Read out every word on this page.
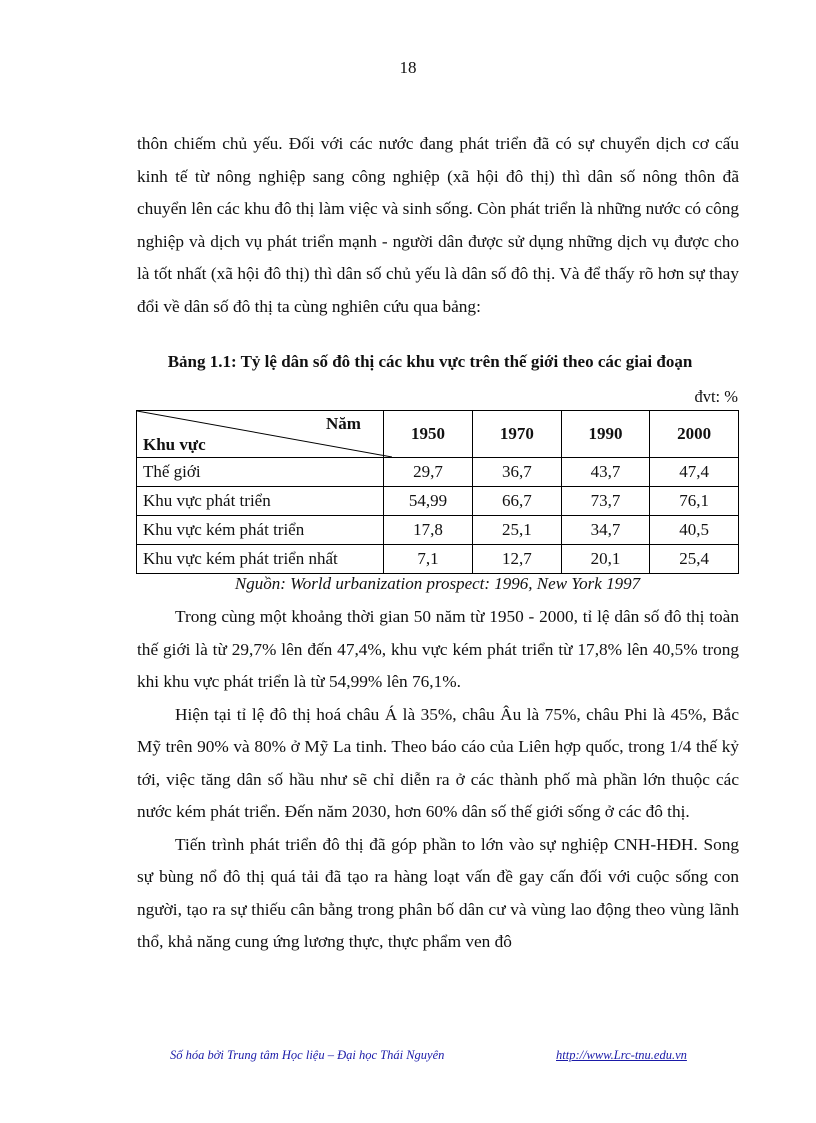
18

thôn chiếm chủ yếu. Đối với các nước đang phát triển đã có sự chuyển dịch cơ cấu kinh tế từ nông nghiệp sang công nghiệp (xã hội đô thị) thì dân số nông thôn đã chuyển lên các khu đô thị làm việc và sinh sống. Còn phát triển là những nước có công nghiệp và dịch vụ phát triển mạnh - người dân được sử dụng những dịch vụ được cho là tốt nhất (xã hội đô thị) thì dân số chủ yếu là dân số đô thị. Và để thấy rõ hơn sự thay đổi về dân số đô thị ta cùng nghiên cứu qua bảng:

Bảng 1.1: Tỷ lệ dân số đô thị các khu vực trên thế giới theo các giai đoạn
đvt: %
Năm
Khu vực	1950	1970	1990	2000
Thế giới	29,7	36,7	43,7	47,4
Khu vực phát triển	54,99	66,7	73,7	76,1
Khu vực kém phát triển	17,8	25,1	34,7	40,5
Khu vực kém phát triển nhất	7,1	12,7	20,1	25,4
Nguồn: World urbanization prospect: 1996, New York 1997

Trong cùng một khoảng thời gian 50 năm từ 1950 - 2000, tỉ lệ dân số đô thị toàn thế giới là từ 29,7% lên đến 47,4%, khu vực kém phát triển từ 17,8% lên 40,5% trong khi khu vực phát triển là từ 54,99% lên 76,1%.

Hiện tại tỉ lệ đô thị hoá châu Á là 35%, châu Âu là 75%, châu Phi là 45%, Bắc Mỹ trên 90% và 80% ở Mỹ La tinh. Theo báo cáo của Liên hợp quốc, trong 1/4 thế kỷ tới, việc tăng dân số hầu như sẽ chỉ diễn ra ở các thành phố mà phần lớn thuộc các nước kém phát triển. Đến năm 2030, hơn 60% dân số thế giới sống ở các đô thị.

Tiến trình phát triển đô thị đã góp phần to lớn vào sự nghiệp CNH-HĐH. Song sự bùng nổ đô thị quá tải đã tạo ra hàng loạt vấn đề gay cấn đối với cuộc sống con người, tạo ra sự thiếu cân bằng trong phân bố dân cư và vùng lao động theo vùng lãnh thổ, khả năng cung ứng lương thực, thực phẩm ven đô

Số hóa bởi Trung tâm Học liệu – Đại học Thái Nguyên	http://www.Lrc-tnu.edu.vn
